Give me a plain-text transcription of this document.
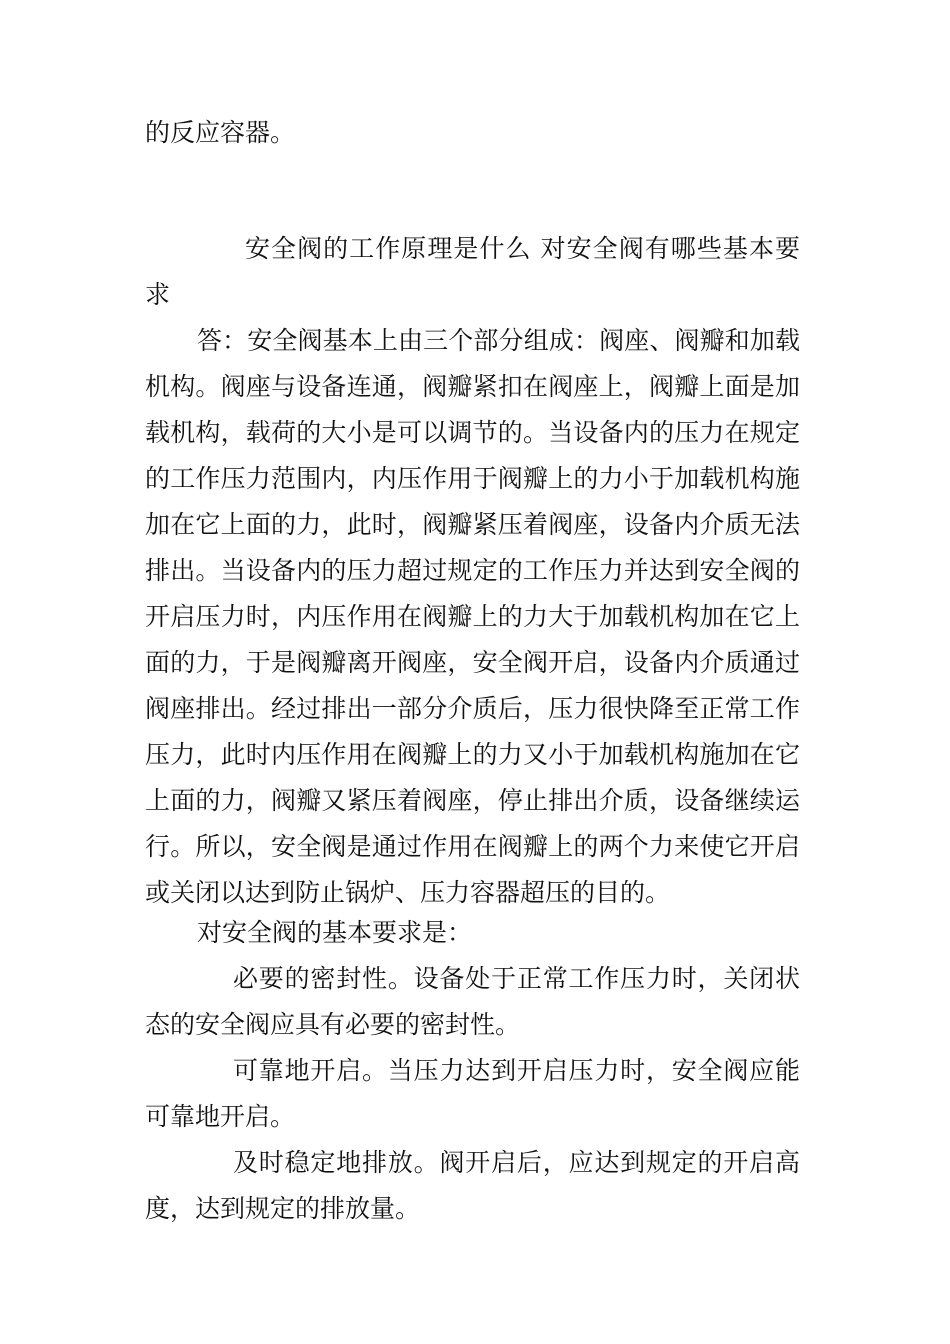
的反应容器。

安全阀的工作原理是什么 对安全阀有哪些基本要求

答：安全阀基本上由三个部分组成：阀座、阀瓣和加载机构。阀座与设备连通，阀瓣紧扣在阀座上，阀瓣上面是加载机构，载荷的大小是可以调节的。当设备内的压力在规定的工作压力范围内，内压作用于阀瓣上的力小于加载机构施加在它上面的力，此时，阀瓣紧压着阀座，设备内介质无法排出。当设备内的压力超过规定的工作压力并达到安全阀的开启压力时，内压作用在阀瓣上的力大于加载机构加在它上面的力，于是阀瓣离开阀座，安全阀开启，设备内介质通过阀座排出。经过排出一部分介质后，压力很快降至正常工作压力，此时内压作用在阀瓣上的力又小于加载机构施加在它上面的力，阀瓣又紧压着阀座，停止排出介质，设备继续运行。所以，安全阀是通过作用在阀瓣上的两个力来使它开启或关闭以达到防止锅炉、压力容器超压的目的。

对安全阀的基本要求是：

必要的密封性。设备处于正常工作压力时，关闭状态的安全阀应具有必要的密封性。

可靠地开启。当压力达到开启压力时，安全阀应能可靠地开启。

及时稳定地排放。阀开启后，应达到规定的开启高度，达到规定的排放量。
